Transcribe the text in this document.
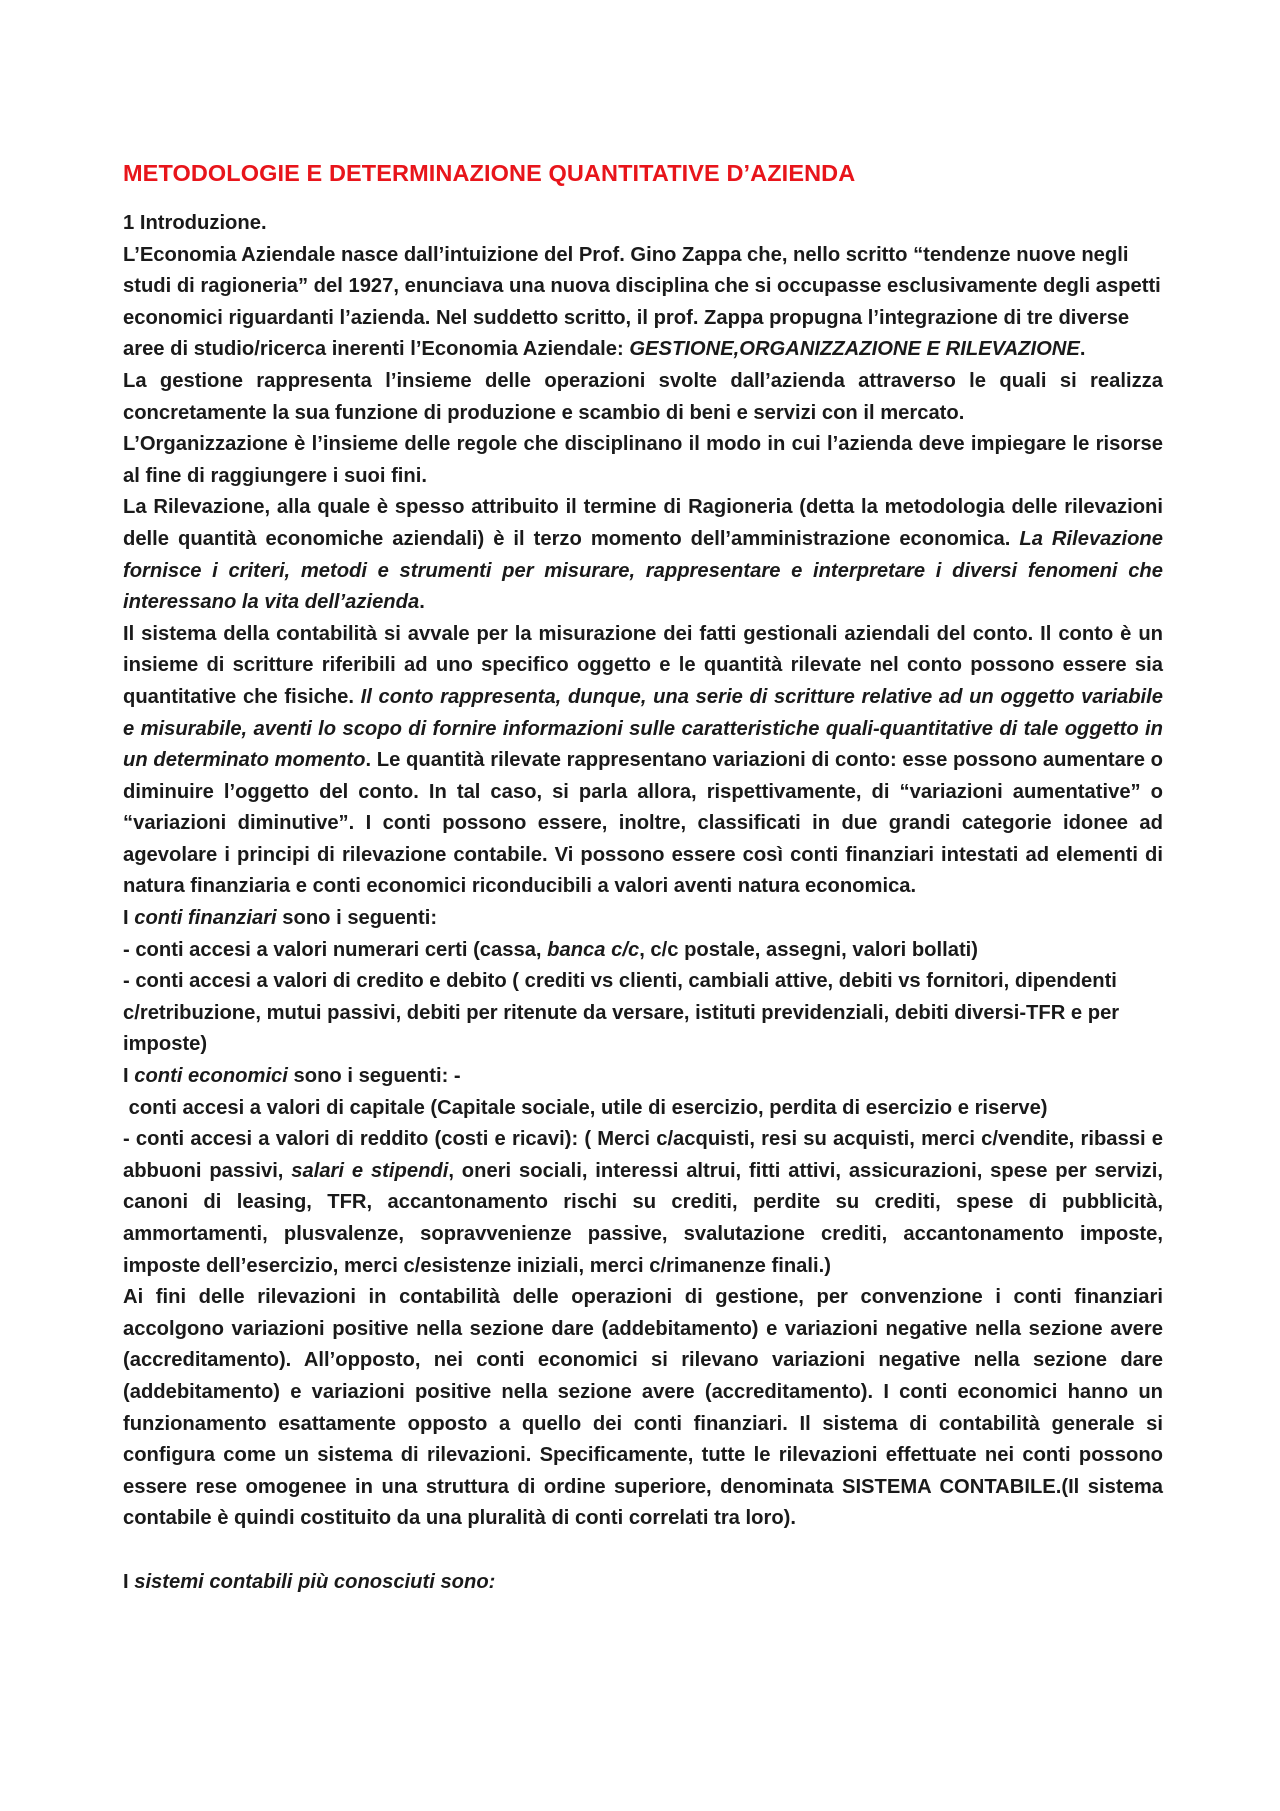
METODOLOGIE E DETERMINAZIONE QUANTITATIVE D’AZIENDA

1 Introduzione.

L’Economia Aziendale nasce dall’intuizione del Prof. Gino Zappa che, nello scritto “tendenze nuove negli studi di ragioneria” del 1927, enunciava una nuova disciplina che si occupasse esclusivamente degli aspetti economici riguardanti l’azienda. Nel suddetto scritto, il prof. Zappa propugna l’integrazione di tre diverse aree di studio/ricerca inerenti l’Economia Aziendale: GESTIONE,ORGANIZZAZIONE E RILEVAZIONE.

La gestione rappresenta l’insieme delle operazioni svolte dall’azienda attraverso le quali si realizza concretamente la sua funzione di produzione e scambio di beni e servizi con il mercato.

L’Organizzazione è l’insieme delle regole che disciplinano il modo in cui l’azienda deve impiegare le risorse al fine di raggiungere i suoi fini.

La Rilevazione, alla quale è spesso attribuito il termine di Ragioneria (detta la metodologia delle rilevazioni delle quantità economiche aziendali) è il terzo momento dell’amministrazione economica. La Rilevazione fornisce i criteri, metodi e strumenti per misurare, rappresentare e interpretare i diversi fenomeni che interessano la vita dell’azienda.

Il sistema della contabilità si avvale per la misurazione dei fatti gestionali aziendali del conto. Il conto è un insieme di scritture riferibili ad uno specifico oggetto e le quantità rilevate nel conto possono essere sia quantitative che fisiche. Il conto rappresenta, dunque, una serie di scritture relative ad un oggetto variabile e misurabile, aventi lo scopo di fornire informazioni sulle caratteristiche quali-quantitative di tale oggetto in un determinato momento. Le quantità rilevate rappresentano variazioni di conto: esse possono aumentare o diminuire l’oggetto del conto. In tal caso, si parla allora, rispettivamente, di “variazioni aumentative” o “variazioni diminutive”. I conti possono essere, inoltre, classificati in due grandi categorie idonee ad agevolare i principi di rilevazione contabile. Vi possono essere così conti finanziari intestati ad elementi di natura finanziaria e conti economici riconducibili a valori aventi natura economica.

I conti finanziari sono i seguenti:

- conti accesi a valori numerari certi (cassa, banca c/c, c/c postale, assegni, valori bollati)

- conti accesi a valori di credito e debito ( crediti vs clienti, cambiali attive, debiti vs fornitori, dipendenti c/retribuzione, mutui passivi, debiti per ritenute da versare, istituti previdenziali, debiti diversi-TFR e per imposte)

I conti economici sono i seguenti: -

conti accesi a valori di capitale (Capitale sociale, utile di esercizio, perdita di esercizio e riserve)

- conti accesi a valori di reddito (costi e ricavi): ( Merci c/acquisti, resi su acquisti, merci c/vendite, ribassi e abbuoni passivi, salari e stipendi, oneri sociali, interessi altrui, fitti attivi, assicurazioni, spese per servizi, canoni di leasing, TFR, accantonamento rischi su crediti, perdite su crediti, spese di pubblicità, ammortamenti, plusvalenze, sopravvenienze passive, svalutazione crediti, accantonamento imposte, imposte dell’esercizio, merci c/esistenze iniziali, merci c/rimanenze finali.)

Ai fini delle rilevazioni in contabilità delle operazioni di gestione, per convenzione i conti finanziari accolgono variazioni positive nella sezione dare (addebitamento) e variazioni negative nella sezione avere (accreditamento). All’opposto, nei conti economici si rilevano variazioni negative nella sezione dare (addebitamento) e variazioni positive nella sezione avere (accreditamento). I conti economici hanno un funzionamento esattamente opposto a quello dei conti finanziari. Il sistema di contabilità generale si configura come un sistema di rilevazioni. Specificamente, tutte le rilevazioni effettuate nei conti possono essere rese omogenee in una struttura di ordine superiore, denominata SISTEMA CONTABILE.(Il sistema contabile è quindi costituito da una pluralità di conti correlati tra loro).

I sistemi contabili più conosciuti sono:
